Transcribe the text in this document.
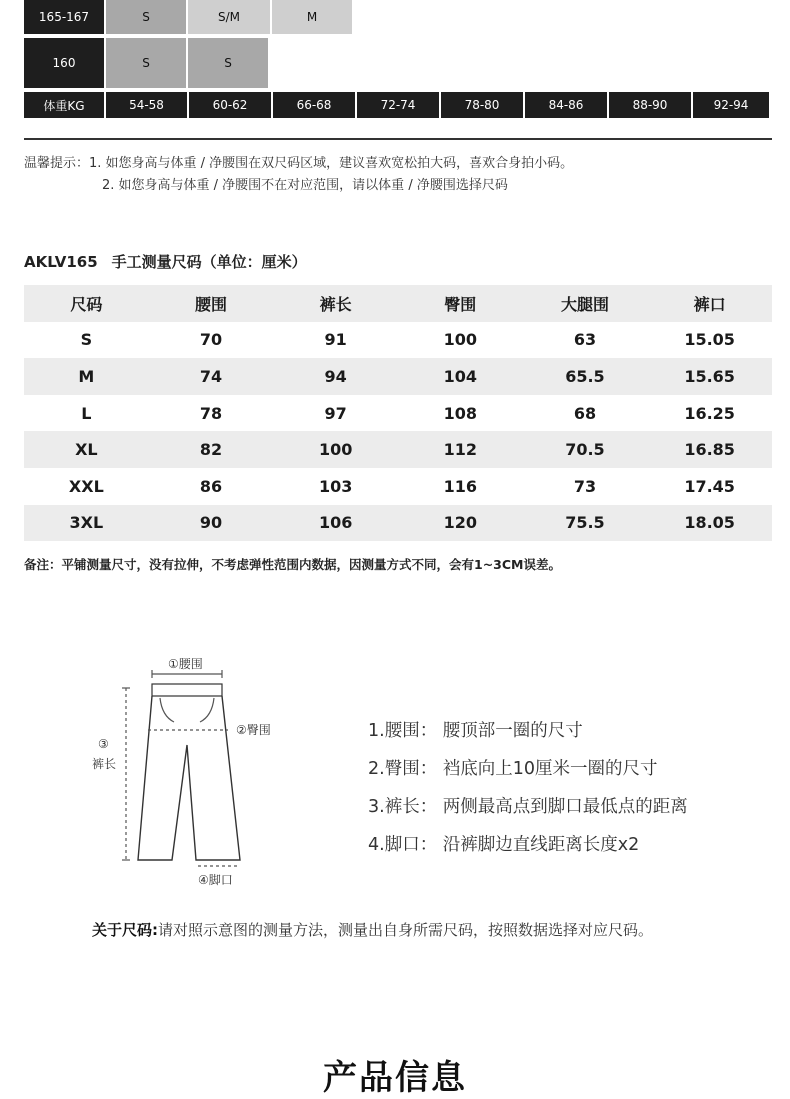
165-167	S	S/M	M
160	S	S
体重KG	54-58	60-62	66-68	72-74	78-80	84-86	88-90	92-94
温馨提示：1. 如您身高与体重 / 净腰围在双尺码区域，建议喜欢宽松拍大码，喜欢合身拍小码。
2. 如您身高与体重 / 净腰围不在对应范围，请以体重 / 净腰围选择尺码
AKLV165 手工测量尺码（单位：厘米）
尺码	腰围	裤长	臀围	大腿围	裤口
S	70	91	100	63	15.05
M	74	94	104	65.5	15.65
L	78	97	108	68	16.25
XL	82	100	112	70.5	16.85
XXL	86	103	116	73	17.45
3XL	90	106	120	75.5	18.05
备注：平铺测量尺寸，没有拉伸，不考虑弹性范围内数据，因测量方式不同，会有1~3CM误差。
①腰围
②臀围
③
裤长
④脚口
1.腰围： 腰顶部一圈的尺寸
2.臀围： 裆底向上10厘米一圈的尺寸
3.裤长： 两侧最高点到脚口最低点的距离
4.脚口： 沿裤脚边直线距离长度x2
关于尺码:请对照示意图的测量方法，测量出自身所需尺码，按照数据选择对应尺码。
产品信息
